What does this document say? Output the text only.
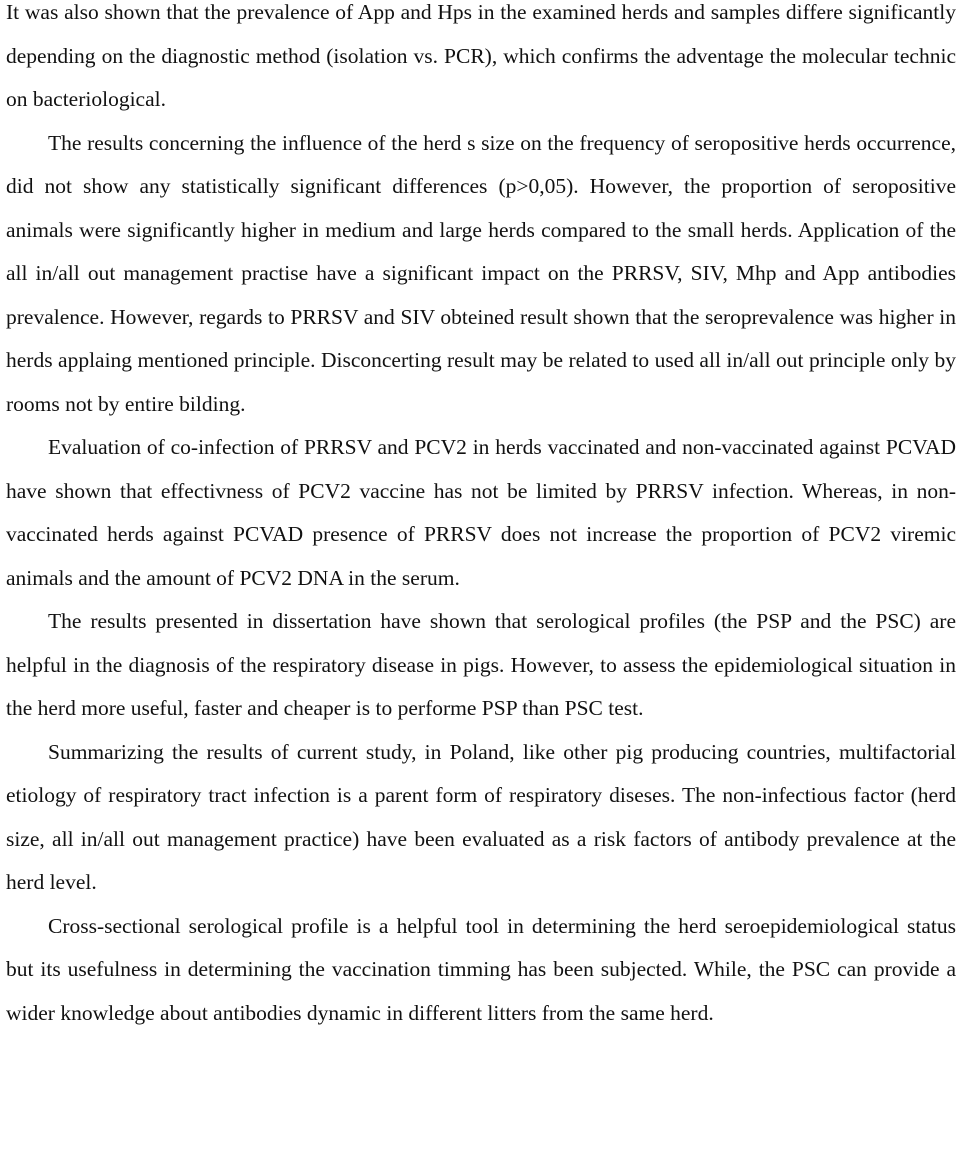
It was also shown that the prevalence of App and Hps in the examined herds and samples differe significantly depending on the diagnostic method (isolation vs. PCR), which confirms the adventage the molecular technic on bacteriological.

The results concerning the influence of the herd s size on the frequency of seropositive herds occurrence, did not show any statistically significant differences (p>0,05). However, the proportion of seropositive animals were significantly higher in medium and large herds compared to the small herds. Application of the all in/all out management practise have a significant impact on the PRRSV, SIV, Mhp and App antibodies prevalence. However, regards to PRRSV and SIV obteined result shown that the seroprevalence was higher in herds applaing mentioned principle. Disconcerting result may be related to used all in/all out principle only by rooms not by entire bilding.

Evaluation of co-infection of PRRSV and PCV2 in herds vaccinated and non-vaccinated against PCVAD have shown that effectivness of PCV2 vaccine has not be limited by PRRSV infection. Whereas, in non-vaccinated herds against PCVAD presence of PRRSV does not increase the proportion of PCV2 viremic animals and the amount of PCV2 DNA in the serum.

The results presented in dissertation have shown that serological profiles (the PSP and the PSC) are helpful in the diagnosis of the respiratory disease in pigs. However, to assess the epidemiological situation in the herd more useful, faster and cheaper is to performe PSP than PSC test.

Summarizing the results of current study, in Poland, like other pig producing countries, multifactorial etiology of respiratory tract infection is a parent form of respiratory diseses. The non-infectious factor (herd size, all in/all out management practice) have been evaluated as a risk factors of antibody prevalence at the herd level.

Cross-sectional serological profile is a helpful tool in determining the herd seroepidemiological status but its usefulness in determining the vaccination timming has been subjected. While, the PSC can provide a wider knowledge about antibodies dynamic in different litters from the same herd.
